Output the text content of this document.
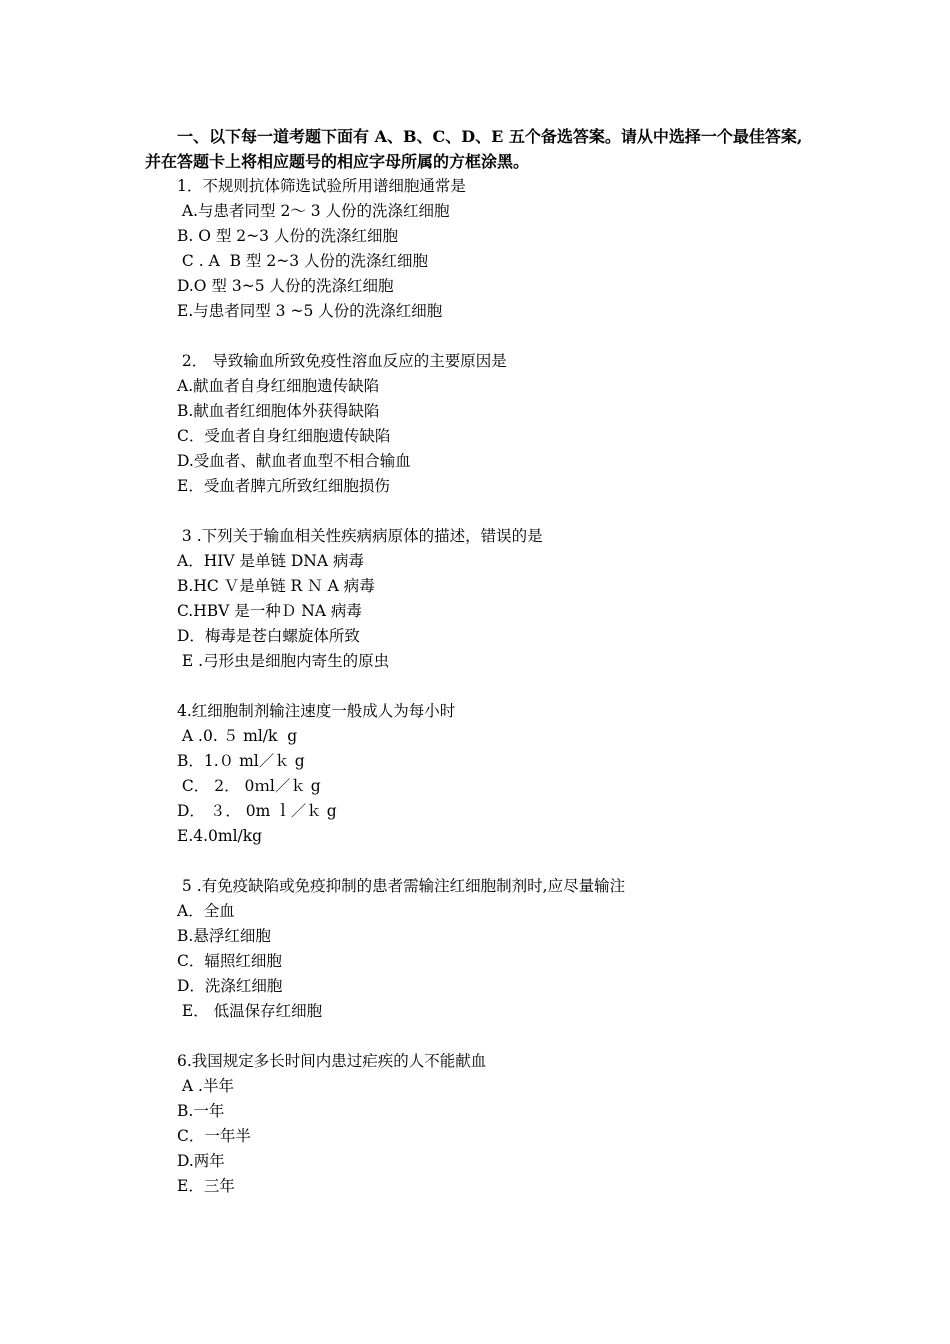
一、以下每一道考题下面有 A、B、C、D、E 五个备选答案。请从中选择一个最佳答案,并在答题卡上将相应题号的相应字母所属的方框涂黑。
1．不规则抗体筛选试验所用谱细胞通常是
A.与患者同型 2～ 3 人份的洗涤红细胞
B. O 型 2~3 人份的洗涤红细胞
C . A  B 型 2~3 人份的洗涤红细胞
D.O 型 3~5 人份的洗涤红细胞
E.与患者同型 3 ~5 人份的洗涤红细胞
2． 导致输血所致免疫性溶血反应的主要原因是
A.献血者自身红细胞遗传缺陷
B.献血者红细胞体外获得缺陷
C．受血者自身红细胞遗传缺陷
D.受血者、献血者血型不相合输血
E．受血者脾亢所致红细胞损伤
3 .下列关于输血相关性疾病病原体的描述，错误的是
A．HIV 是单链 DNA 病毒
B.HC Ｖ是单链 R Ｎ A 病毒
C.HBV 是一种Ｄ NA 病毒
D．梅毒是苍白螺旋体所致
E .弓形虫是细胞内寄生的原虫
4.红细胞制剂输注速度一般成人为每小时
A .0. ５ ml/k  g
B．1.０ ml／ｋ g
C． 2． 0ｍl／ｋ g
D． ３． 0m ｌ／ｋ g
E.4.0ml/kg
5 .有免疫缺陷或免疫抑制的患者需输注红细胞制剂时,应尽量输注
A．全血
B.悬浮红细胞
C．辐照红细胞
D．洗涤红细胞
E． 低温保存红细胞
6.我国规定多长时间内患过疟疾的人不能献血
A .半年
B.一年
C．一年半
D.两年
E．三年
